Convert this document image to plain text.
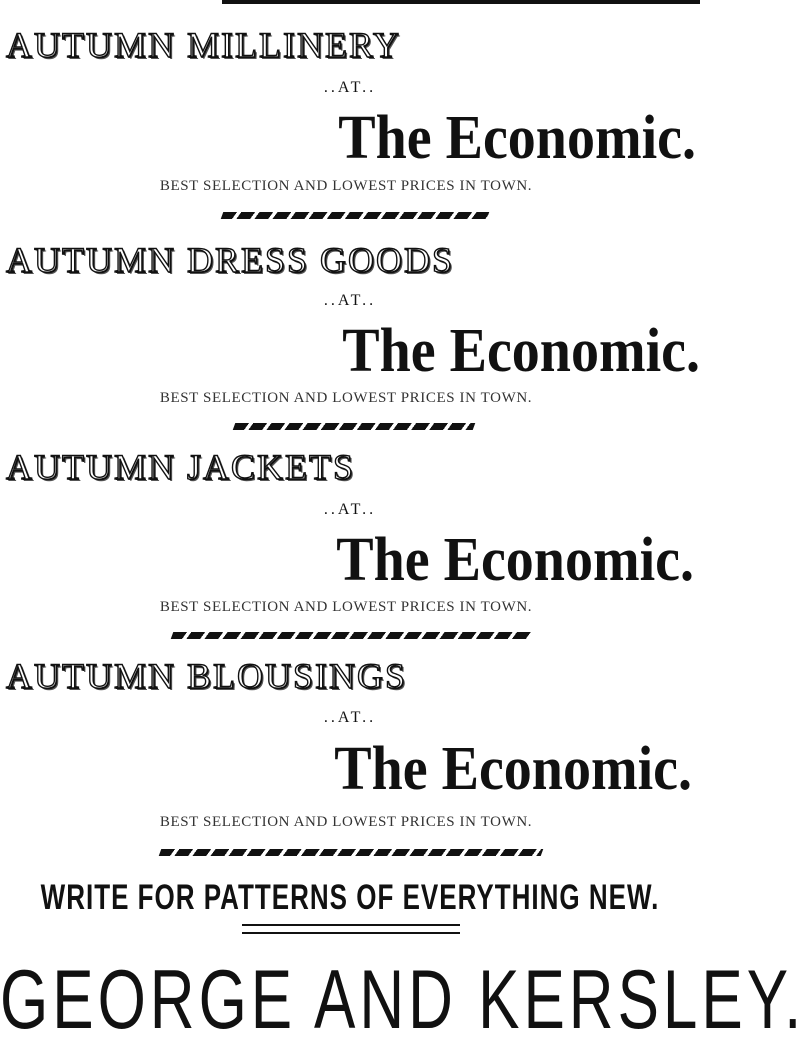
AUTUMN MILLINERY
..AT..
The Economic.
BEST SELECTION AND LOWEST PRICES IN TOWN.
AUTUMN DRESS GOODS
..AT..
The Economic.
BEST SELECTION AND LOWEST PRICES IN TOWN.
AUTUMN JACKETS
..AT..
The Economic.
BEST SELECTION AND LOWEST PRICES IN TOWN.
AUTUMN BLOUSINGS
..AT..
The Economic.
BEST SELECTION AND LOWEST PRICES IN TOWN.
WRITE FOR PATTERNS OF EVERYTHING NEW.
GEORGE AND KERSLEY.
